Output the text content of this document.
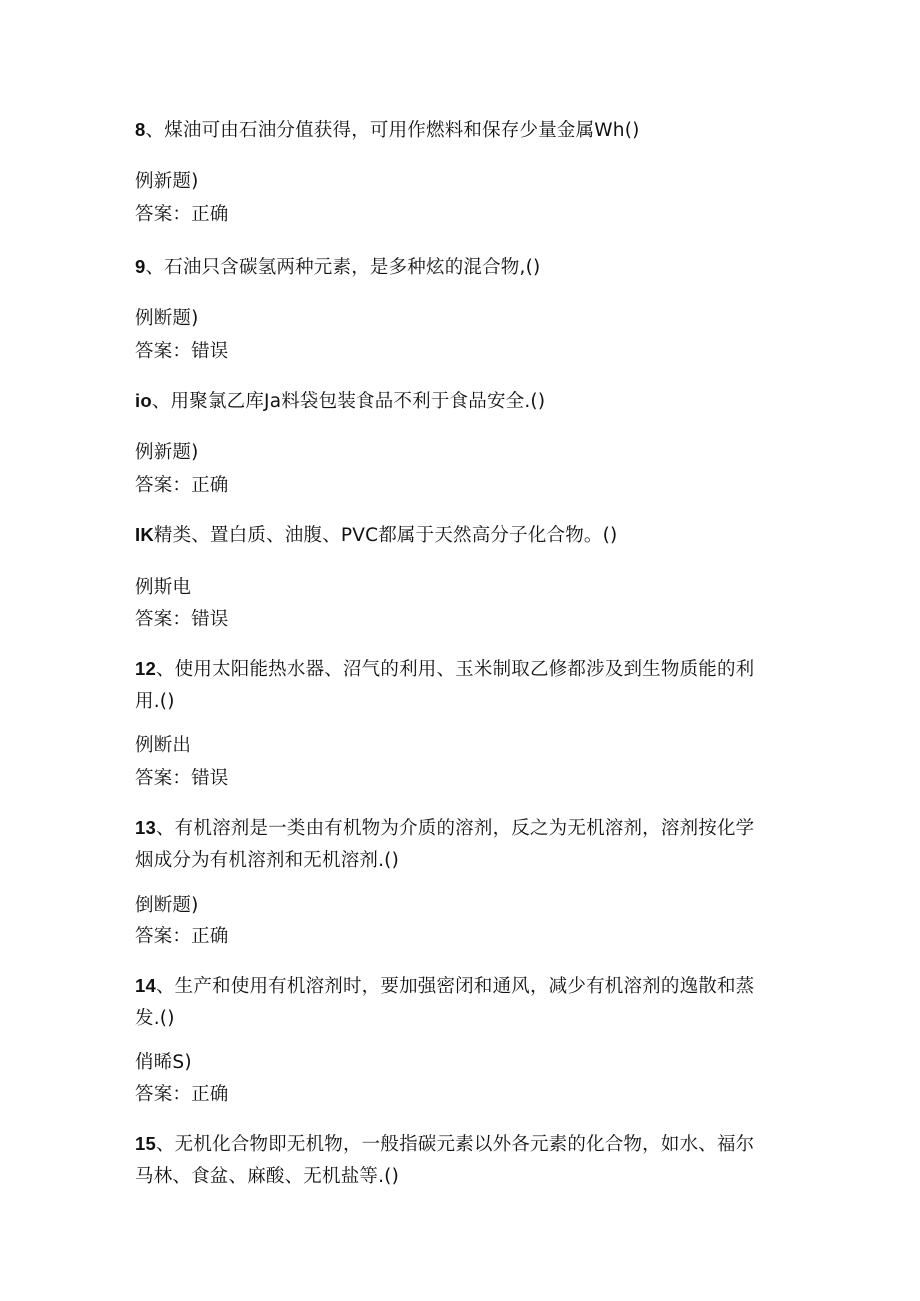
8、煤油可由石油分值获得，可用作燃料和保存少量金属Wh()

例新题)

答案：正确

9、石油只含碳氢两种元素，是多种炫的混合物,()

例断题)

答案：错误

io、用聚氯乙库Ja料袋包装食品不利于食品安全.()

例新题)

答案：正确

IK精类、置白质、油腹、PVC都属于天然高分子化合物。()

例斯电

答案：错误

12、使用太阳能热水器、沼气的利用、玉米制取乙修都涉及到生物质能的利用.()

例断出

答案：错误

13、有机溶剂是一类由有机物为介质的溶剂，反之为无机溶剂，溶剂按化学烟成分为有机溶剂和无机溶剂.()

倒断题)

答案：正确

14、生产和使用有机溶剂时，要加强密闭和通风，减少有机溶剂的逸散和蒸发.()

俏晞S)

答案：正确

15、无机化合物即无机物，一般指碳元素以外各元素的化合物，如水、福尔马林、食盆、麻酸、无机盐等.()
